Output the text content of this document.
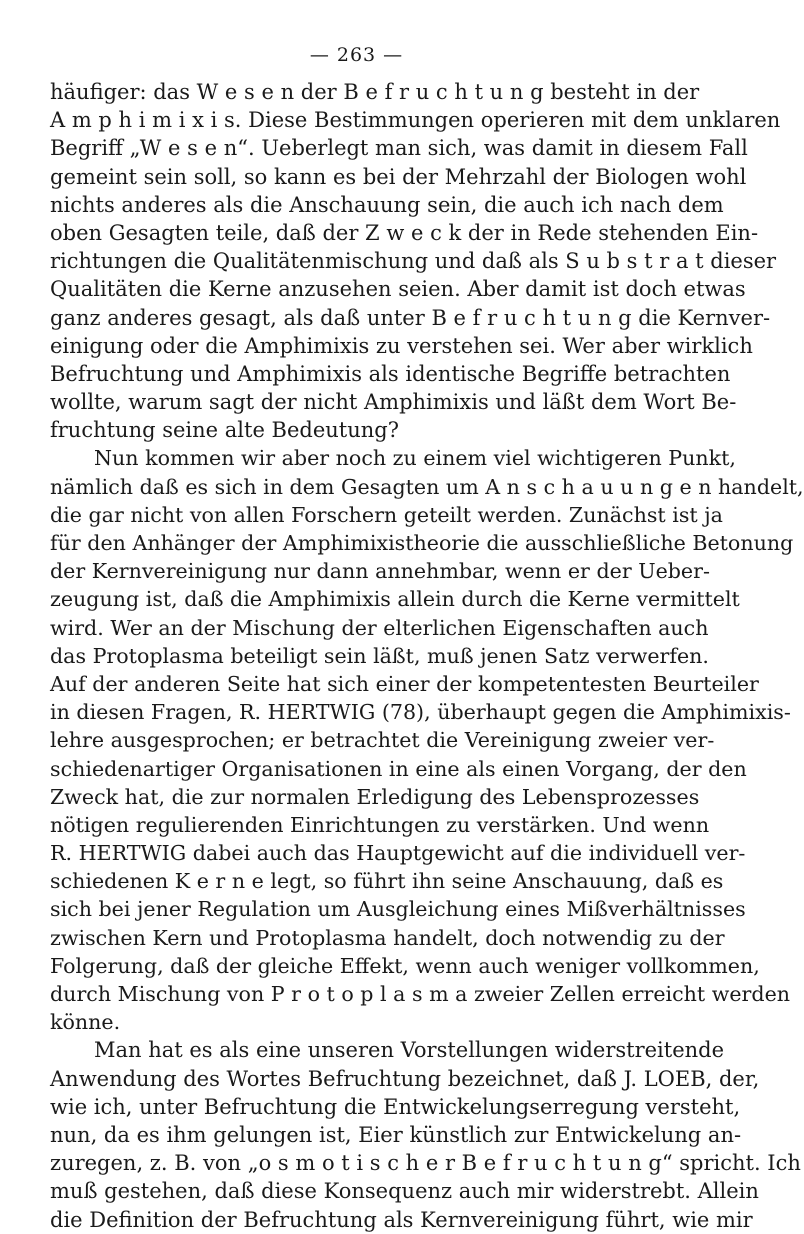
— 263 —
häufiger: das W e s e n der B e f r u c h t u n g besteht in der
A m p h i m i x i s. Diese Bestimmungen operieren mit dem unklaren
Begriff „W e s e n“. Ueberlegt man sich, was damit in diesem Fall
gemeint sein soll, so kann es bei der Mehrzahl der Biologen wohl
nichts anderes als die Anschauung sein, die auch ich nach dem
oben Gesagten teile, daß der Z w e c k der in Rede stehenden Ein-
richtungen die Qualitätenmischung und daß als S u b s t r a t dieser
Qualitäten die Kerne anzusehen seien. Aber damit ist doch etwas
ganz anderes gesagt, als daß unter B e f r u c h t u n g die Kernver-
einigung oder die Amphimixis zu verstehen sei. Wer aber wirklich
Befruchtung und Amphimixis als identische Begriffe betrachten
wollte, warum sagt der nicht Amphimixis und läßt dem Wort Be-
fruchtung seine alte Bedeutung?
Nun kommen wir aber noch zu einem viel wichtigeren Punkt,
nämlich daß es sich in dem Gesagten um A n s c h a u u n g e n handelt,
die gar nicht von allen Forschern geteilt werden. Zunächst ist ja
für den Anhänger der Amphimixistheorie die ausschließliche Betonung
der Kernvereinigung nur dann annehmbar, wenn er der Ueber-
zeugung ist, daß die Amphimixis allein durch die Kerne vermittelt
wird. Wer an der Mischung der elterlichen Eigenschaften auch
das Protoplasma beteiligt sein läßt, muß jenen Satz verwerfen.
Auf der anderen Seite hat sich einer der kompetentesten Beurteiler
in diesen Fragen, R. HERTWIG (78), überhaupt gegen die Amphimixis-
lehre ausgesprochen; er betrachtet die Vereinigung zweier ver-
schiedenartiger Organisationen in eine als einen Vorgang, der den
Zweck hat, die zur normalen Erledigung des Lebensprozesses
nötigen regulierenden Einrichtungen zu verstärken. Und wenn
R. HERTWIG dabei auch das Hauptgewicht auf die individuell ver-
schiedenen K e r n e legt, so führt ihn seine Anschauung, daß es
sich bei jener Regulation um Ausgleichung eines Mißverhältnisses
zwischen Kern und Protoplasma handelt, doch notwendig zu der
Folgerung, daß der gleiche Effekt, wenn auch weniger vollkommen,
durch Mischung von P r o t o p l a s m a zweier Zellen erreicht werden
könne.
Man hat es als eine unseren Vorstellungen widerstreitende
Anwendung des Wortes Befruchtung bezeichnet, daß J. LOEB, der,
wie ich, unter Befruchtung die Entwickelungserregung versteht,
nun, da es ihm gelungen ist, Eier künstlich zur Entwickelung an-
zuregen, z. B. von „o s m o t i s c h e r B e f r u c h t u n g“ spricht. Ich
muß gestehen, daß diese Konsequenz auch mir widerstrebt. Allein
die Definition der Befruchtung als Kernvereinigung führt, wie mir
